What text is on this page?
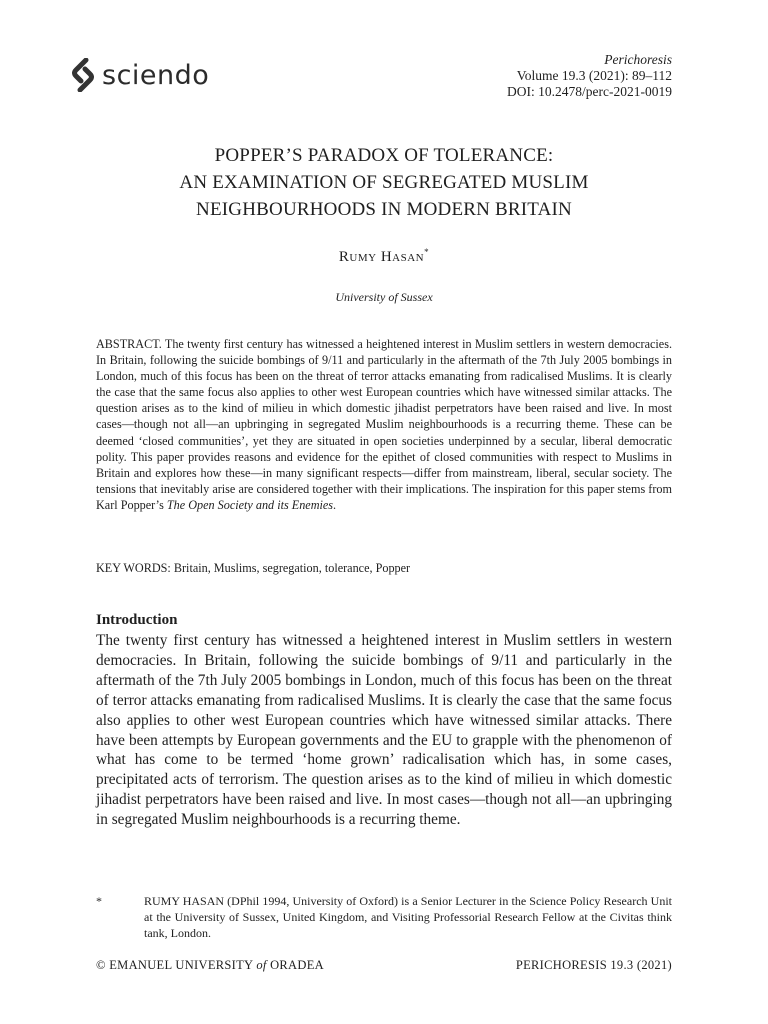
sciendo	Perichoresis
Volume 19.3 (2021): 89–112
DOI: 10.2478/perc-2021-0019
POPPER’S PARADOX OF TOLERANCE:
AN EXAMINATION OF SEGREGATED MUSLIM
NEIGHBOURHOODS IN MODERN BRITAIN
Rumy Hasan*
University of Sussex
ABSTRACT. The twenty first century has witnessed a heightened interest in Muslim settlers in western democracies. In Britain, following the suicide bombings of 9/11 and particularly in the aftermath of the 7th July 2005 bombings in London, much of this focus has been on the threat of terror attacks emanating from radicalised Muslims. It is clearly the case that the same focus also applies to other west European countries which have witnessed similar attacks. The question arises as to the kind of milieu in which domestic jihadist perpetrators have been raised and live. In most cases—though not all—an upbringing in segregated Muslim neighbourhoods is a recurring theme. These can be deemed ‘closed communities’, yet they are situated in open societies underpinned by a secular, liberal democratic polity. This paper provides reasons and evidence for the epithet of closed communities with respect to Muslims in Britain and explores how these—in many significant respects—differ from mainstream, liberal, secular society. The tensions that inevitably arise are considered together with their implications. The inspiration for this paper stems from Karl Popper’s The Open Society and its Enemies.
KEY WORDS: Britain, Muslims, segregation, tolerance, Popper
Introduction
The twenty first century has witnessed a heightened interest in Muslim settlers in western democracies. In Britain, following the suicide bombings of 9/11 and particularly in the aftermath of the 7th July 2005 bombings in London, much of this focus has been on the threat of terror attacks emanating from radicalised Muslims. It is clearly the case that the same focus also applies to other west European countries which have witnessed similar attacks. There have been attempts by European governments and the EU to grapple with the phenomenon of what has come to be termed ‘home grown’ radicalisation which has, in some cases, precipitated acts of terrorism. The question arises as to the kind of milieu in which domestic jihadist perpetrators have been raised and live. In most cases—though not all—an upbringing in segregated Muslim neighbourhoods is a recurring theme.
*	RUMY HASAN (DPhil 1994, University of Oxford) is a Senior Lecturer in the Science Policy Research Unit at the University of Sussex, United Kingdom, and Visiting Professorial Research Fellow at the Civitas think tank, London.
© EMANUEL UNIVERSITY of ORADEA	PERICHORESIS 19.3 (2021)
